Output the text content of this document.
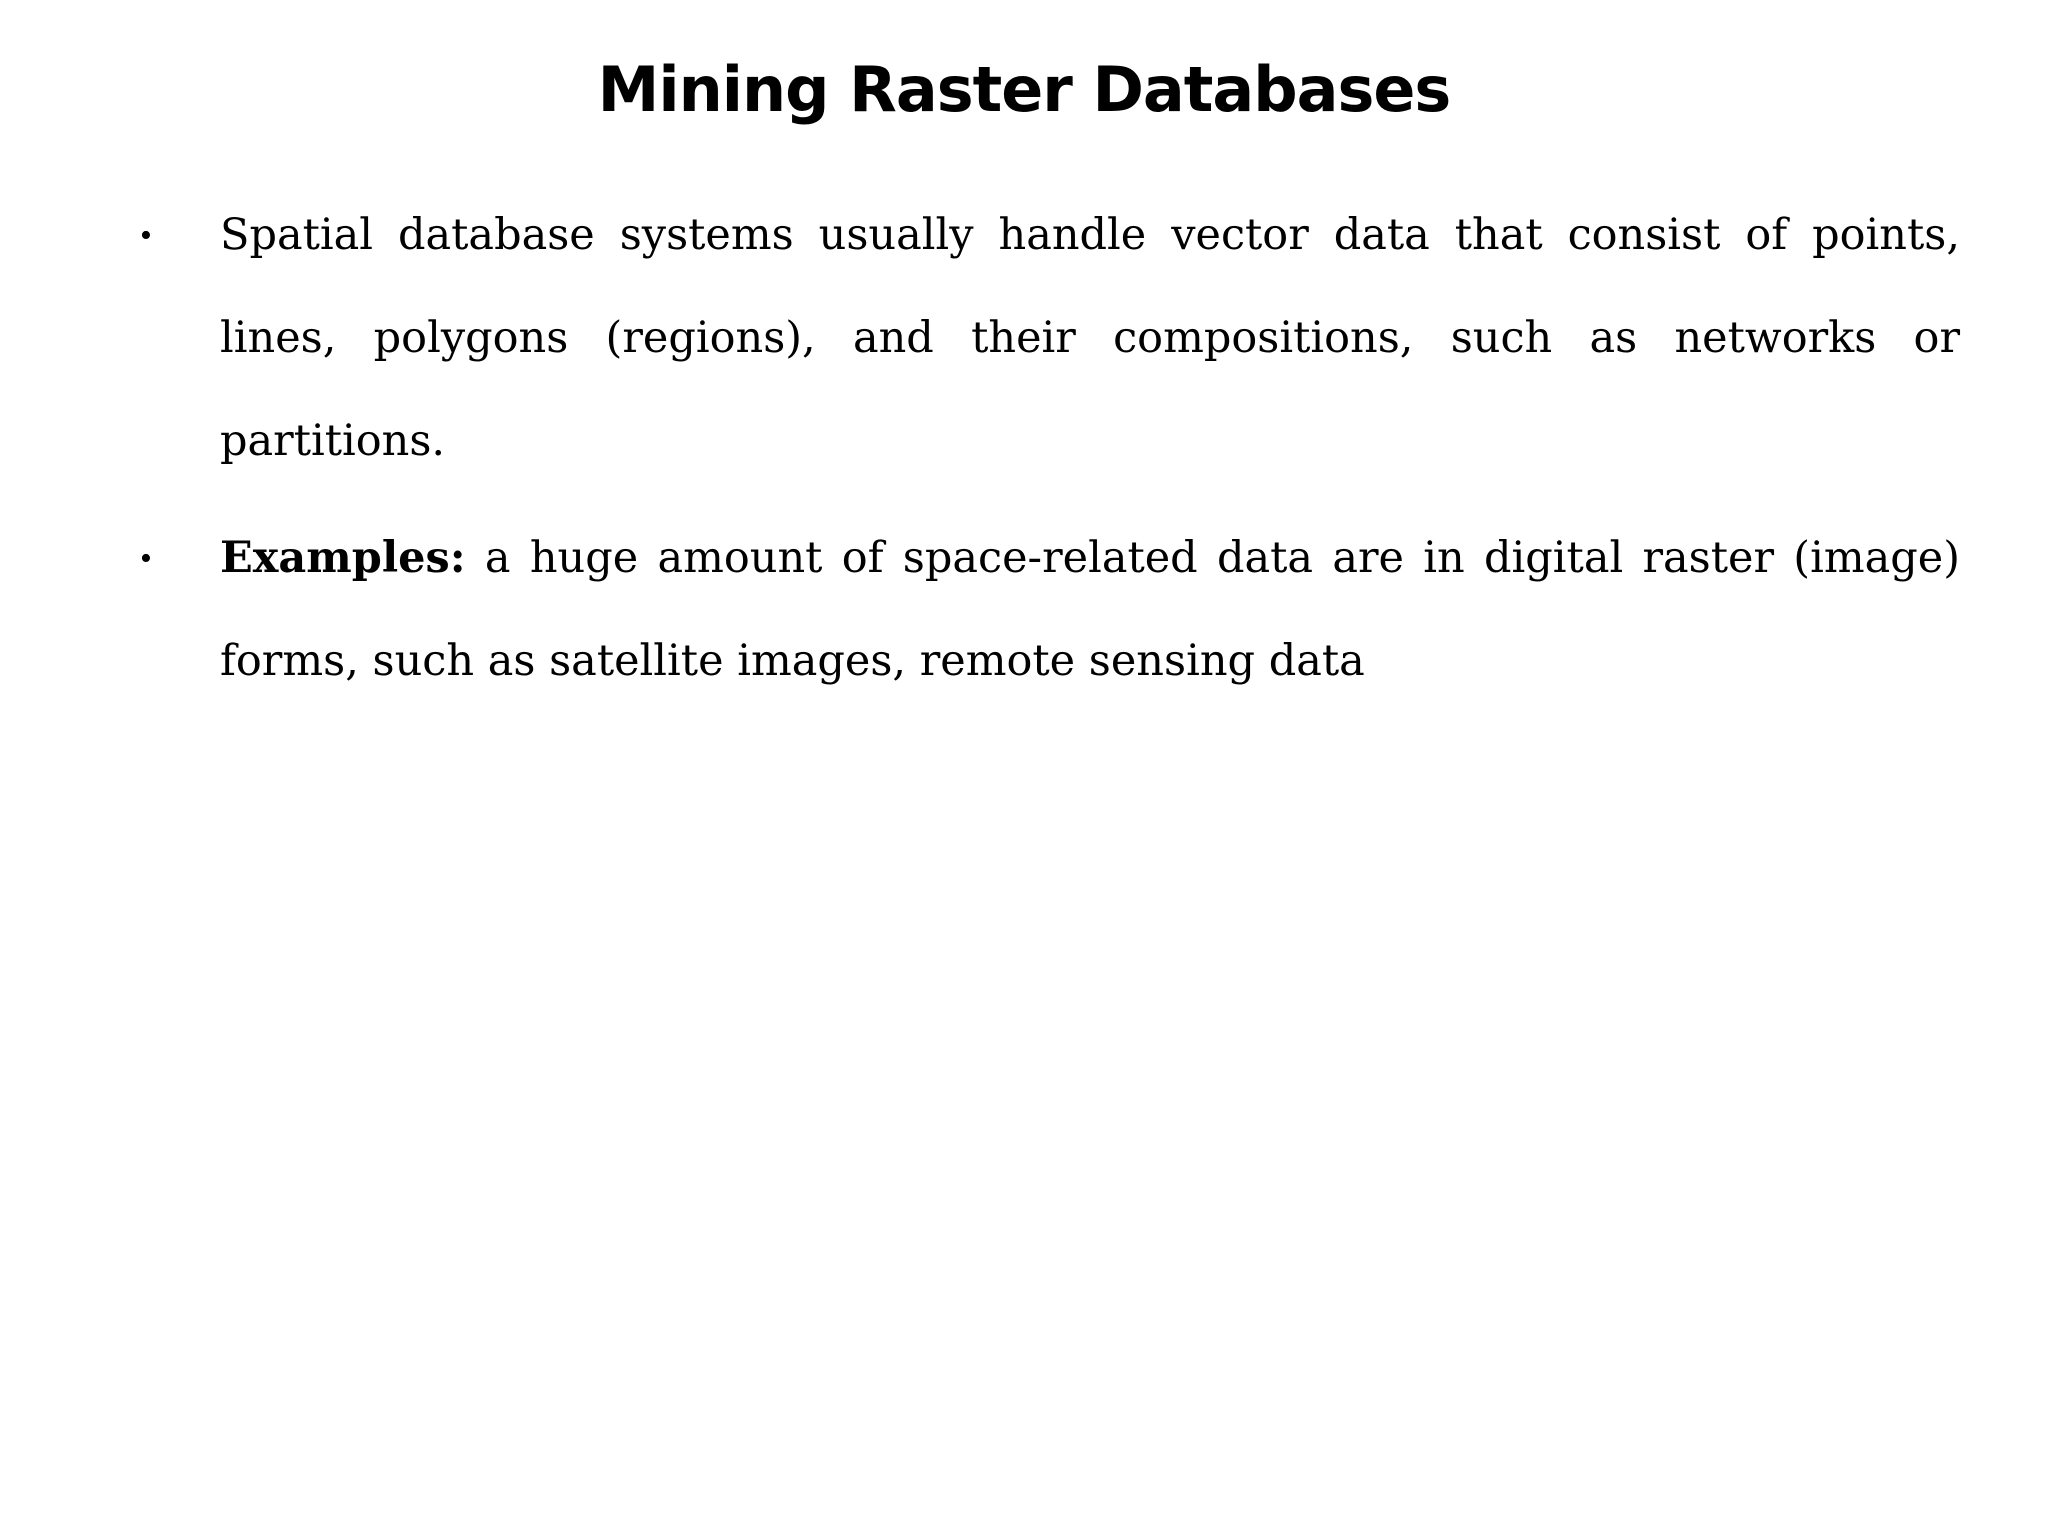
Mining Raster Databases
• Spatial database systems usually handle vector data that consist of points, lines, polygons (regions), and their compositions, such as networks or partitions.
• Examples: a huge amount of space-related data are in digital raster (image) forms, such as satellite images, remote sensing data
